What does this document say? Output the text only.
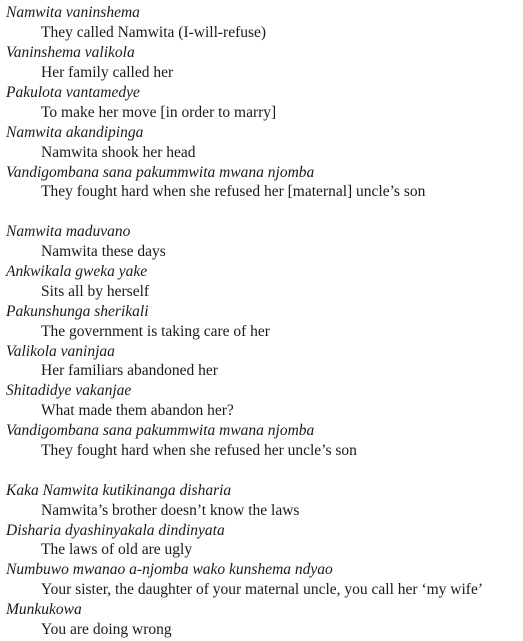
Namwita vaninshema
They called Namwita (I-will-refuse)
Vaninshema valikola
Her family called her
Pakulota vantamedye
To make her move [in order to marry]
Namwita akandipinga
Namwita shook her head
Vandigombana sana pakummwita mwana njomba
They fought hard when she refused her [maternal] uncle’s son
Namwita maduvano
Namwita these days
Ankwikala gweka yake
Sits all by herself
Pakunshunga sherikali
The government is taking care of her
Valikola vaninjaa
Her familiars abandoned her
Shitadidye vakanjae
What made them abandon her?
Vandigombana sana pakummwita mwana njomba
They fought hard when she refused her uncle’s son
Kaka Namwita kutikinanga disharia
Namwita’s brother doesn’t know the laws
Disharia dyashinyakala dindinyata
The laws of old are ugly
Numbuwo mwanao a-njomba wako kunshema ndyao
Your sister, the daughter of your maternal uncle, you call her ‘my wife’
Munkukowa
You are doing wrong
